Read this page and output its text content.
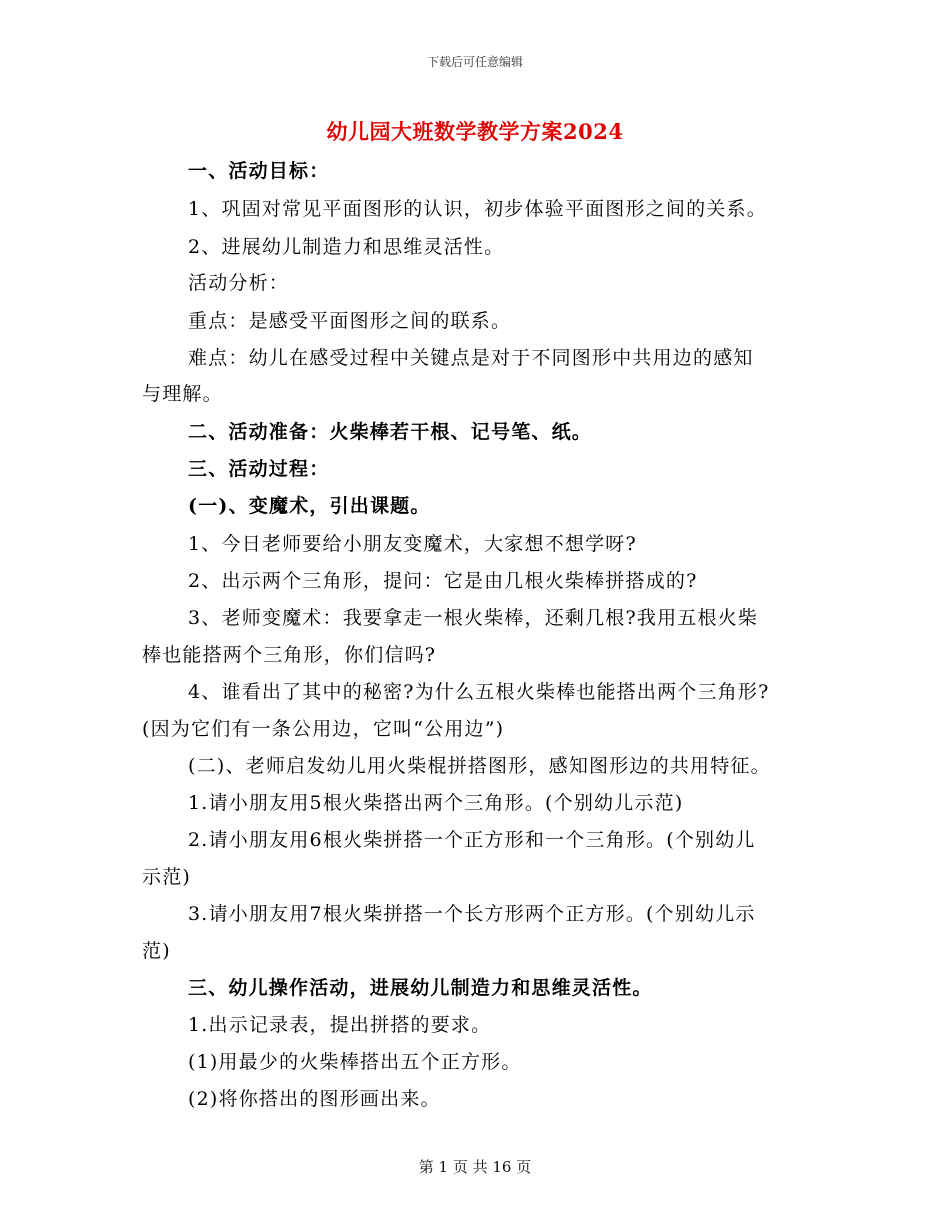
下载后可任意编辑
幼儿园大班数学教学方案2024
一、活动目标：
1、巩固对常见平面图形的认识，初步体验平面图形之间的关系。
2、进展幼儿制造力和思维灵活性。
活动分析：
重点：是感受平面图形之间的联系。
难点：幼儿在感受过程中关键点是对于不同图形中共用边的感知
与理解。
二、活动准备：火柴棒若干根、记号笔、纸。
三、活动过程：
(一)、变魔术，引出课题。
1、今日老师要给小朋友变魔术，大家想不想学呀?
2、出示两个三角形，提问：它是由几根火柴棒拼搭成的?
3、老师变魔术：我要拿走一根火柴棒，还剩几根?我用五根火柴
棒也能搭两个三角形，你们信吗?
4、谁看出了其中的秘密?为什么五根火柴棒也能搭出两个三角形?
(因为它们有一条公用边，它叫“公用边”)
(二)、老师启发幼儿用火柴棍拼搭图形，感知图形边的共用特征。
1.请小朋友用5根火柴搭出两个三角形。(个别幼儿示范)
2.请小朋友用6根火柴拼搭一个正方形和一个三角形。(个别幼儿
示范)
3.请小朋友用7根火柴拼搭一个长方形两个正方形。(个别幼儿示
范)
三、幼儿操作活动，进展幼儿制造力和思维灵活性。
1.出示记录表，提出拼搭的要求。
(1)用最少的火柴棒搭出五个正方形。
(2)将你搭出的图形画出来。
第 1 页 共 16 页
